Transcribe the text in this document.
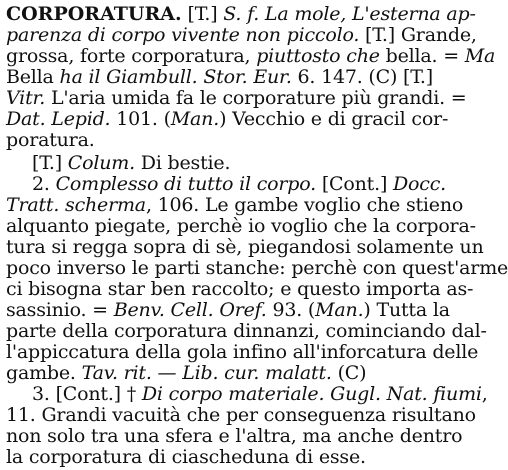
CORPORATURA. [T.] S. f. La mole, L'esterna ap-
parenza di corpo vivente non piccolo. [T.] Grande,
grossa, forte corporatura, piuttosto che bella. = Ma
Bella ha il Giambull. Stor. Eur. 6. 147. (C) [T.]
Vitr. L'aria umida fa le corporature più grandi. =
Dat. Lepid. 101. (Man.) Vecchio e di gracil cor-
poratura.
[T.] Colum. Di bestie.
2. Complesso di tutto il corpo. [Cont.] Docc.
Tratt. scherma, 106. Le gambe voglio che stieno
alquanto piegate, perchè io voglio che la corpora-
tura si regga sopra di sè, piegandosi solamente un
poco inverso le parti stanche: perchè con quest'arme
ci bisogna star ben raccolto; e questo importa as-
sassinio. = Benv. Cell. Oref. 93. (Man.) Tutta la
parte della corporatura dinnanzi, cominciando dal-
l'appiccatura della gola infino all'inforcatura delle
gambe. Tav. rit. — Lib. cur. malatt. (C)
3. [Cont.] † Di corpo materiale. Gugl. Nat. fiumi,
11. Grandi vacuità che per conseguenza risultano
non solo tra una sfera e l'altra, ma anche dentro
la corporatura di ciascheduna di esse.
